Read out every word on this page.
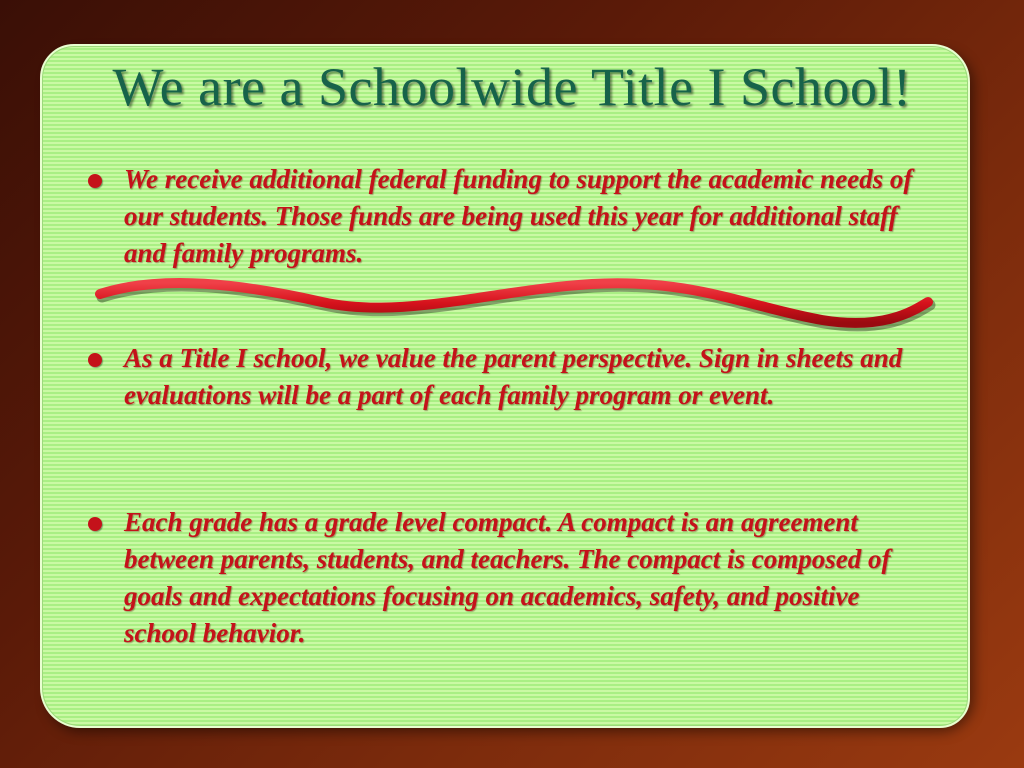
We are a Schoolwide Title I School!
We receive additional federal funding to support the academic needs of our students. Those funds are being used this year for additional staff and family programs.
As a Title I school, we value the parent perspective. Sign in sheets and evaluations will be a part of each family program or event.
Each grade has a grade level compact. A compact is an agreement between parents, students, and teachers. The compact is composed of goals and expectations focusing on academics, safety, and positive school behavior.
